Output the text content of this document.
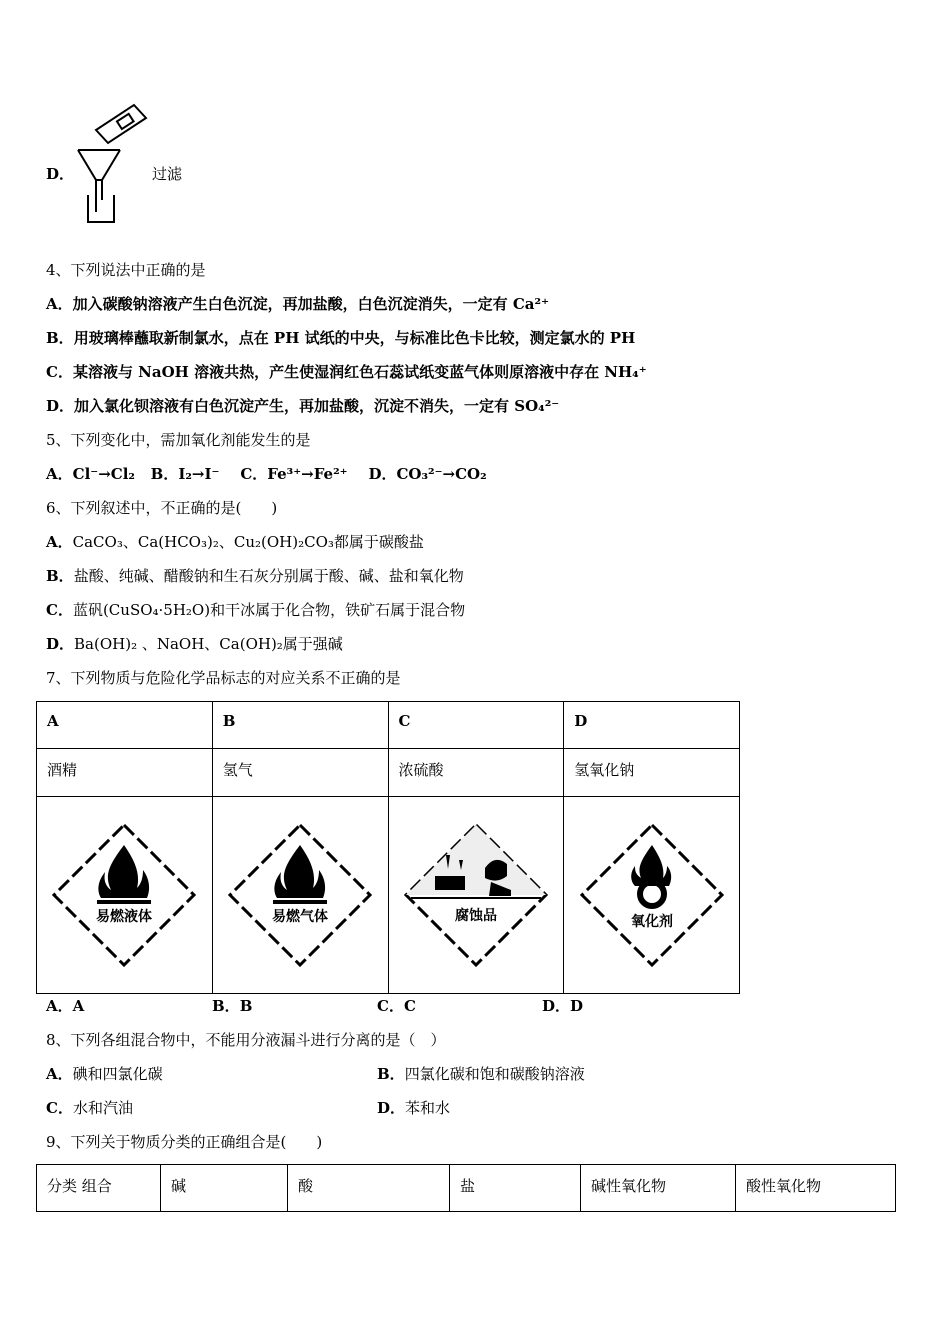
D．	过滤
4、下列说法中正确的是
A．加入碳酸钠溶液产生白色沉淀，再加盐酸，白色沉淀消失，一定有 Ca²⁺
B．用玻璃棒蘸取新制氯水，点在 PH 试纸的中央，与标准比色卡比较，测定氯水的 PH
C．某溶液与 NaOH 溶液共热，产生使湿润红色石蕊试纸变蓝气体则原溶液中存在 NH₄⁺
D．加入氯化钡溶液有白色沉淀产生，再加盐酸，沉淀不消失，一定有 SO₄²⁻
5、下列变化中，需加氧化剂能发生的是
A．Cl⁻→Cl₂ B．I₂→I⁻ C．Fe³⁺→Fe²⁺ D．CO₃²⁻→CO₂
6、下列叙述中，不正确的是(　　)
A．CaCO₃、Ca(HCO₃)₂、Cu₂(OH)₂CO₃都属于碳酸盐
B．盐酸、纯碱、醋酸钠和生石灰分别属于酸、碱、盐和氧化物
C．蓝矾(CuSO₄·5H₂O)和干冰属于化合物，铁矿石属于混合物
D．Ba(OH)₂ 、NaOH、Ca(OH)₂属于强碱
7、下列物质与危险化学品标志的对应关系不正确的是
A	B	C	D
酒精	氢气	浓硫酸	氢氧化钠

易燃液体	易燃气体	腐蚀品	氧化剂
A．A	B．B	C．C	D．D
8、下列各组混合物中，不能用分液漏斗进行分离的是（　）
A．碘和四氯化碳	B．四氯化碳和饱和碳酸钠溶液
C．水和汽油	D．苯和水
9、下列关于物质分类的正确组合是(　　)
分类 组合	碱	酸	盐	碱性氧化物	酸性氧化物
